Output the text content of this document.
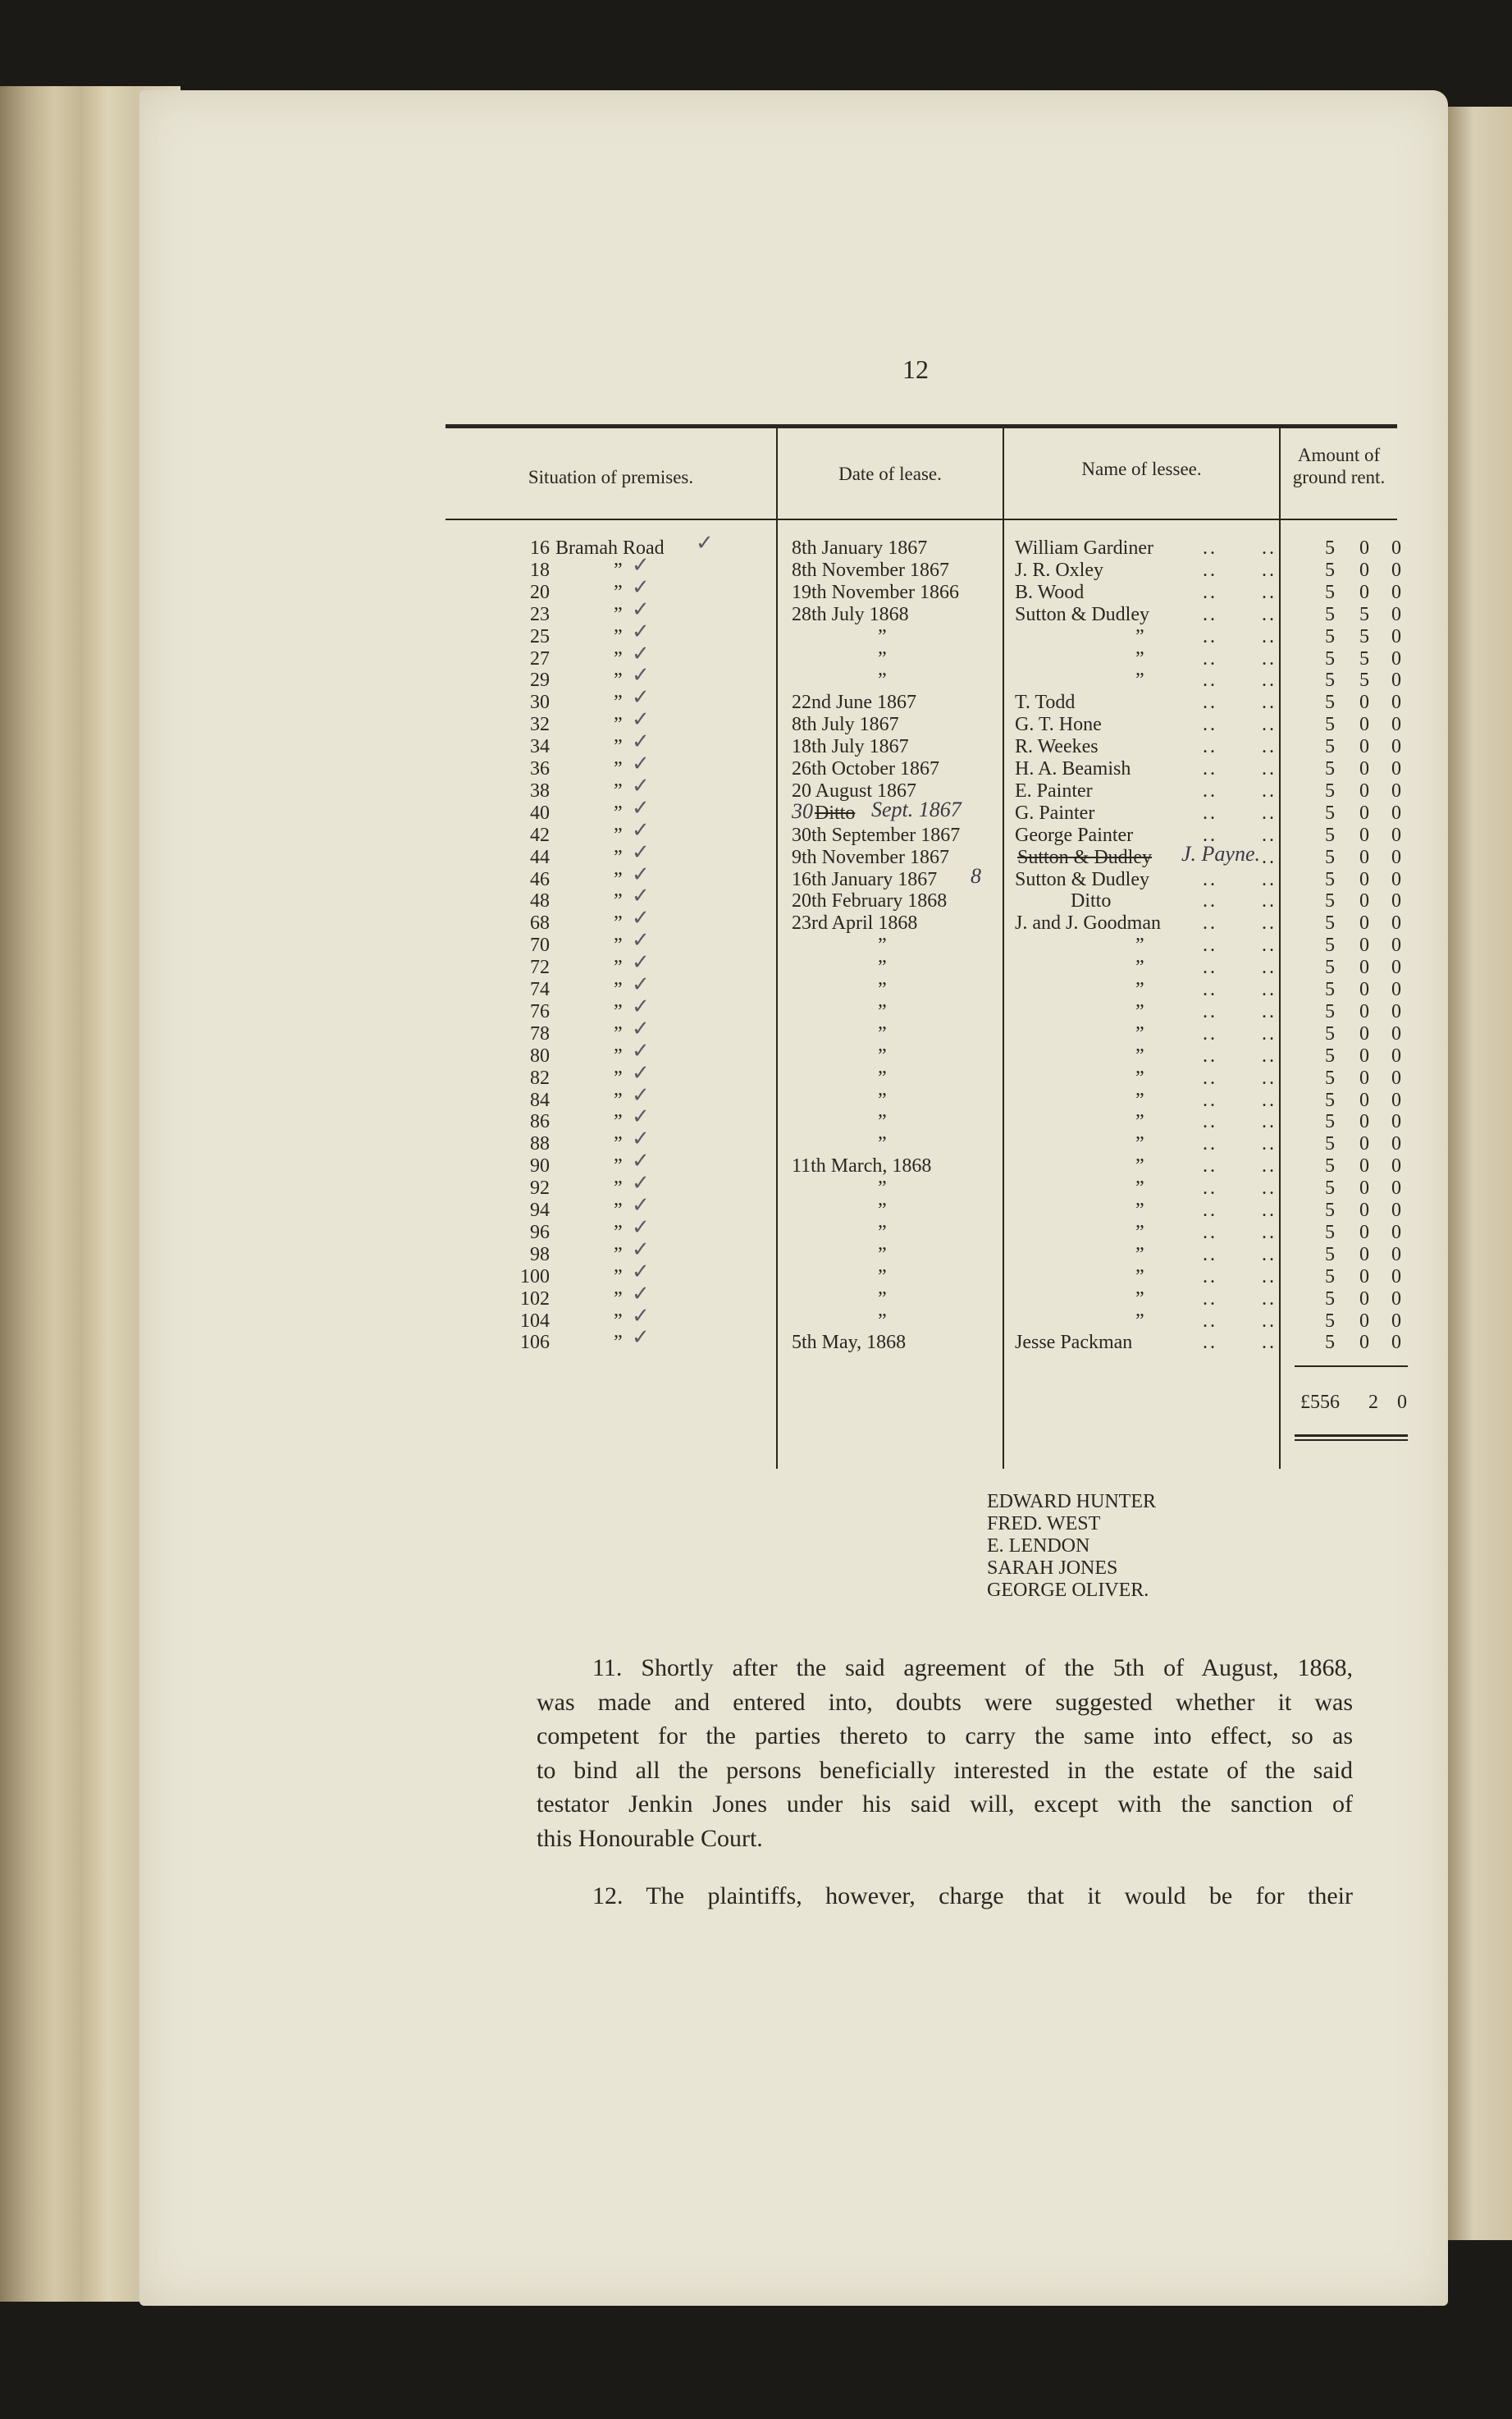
12
Situation of premises.	Date of lease.	Name of lessee.
Amount of
ground rent.
16 Bramah Road ✓	8th January 1867	William Gardiner	.. .. 5 0 0
18	” ✓	8th November 1867	J. R. Oxley	.. .. 5 0 0
20	” ✓	19th November 1866	B. Wood	.. .. 5 0 0
23	” ✓	28th July 1868	Sutton & Dudley	.. .. 5 5 0
25	” ✓	”	”	.. .. 5 5 0
27	” ✓	”	”	.. .. 5 5 0
29	” ✓	”	”	.. .. 5 5 0
30	” ✓	22nd June 1867	T. Todd	.. .. 5 0 0
32	” ✓	8th July 1867	G. T. Hone	.. .. 5 0 0
34	” ✓	18th July 1867	R. Weekes	.. .. 5 0 0
36	” ✓	26th October 1867	H. A. Beamish	.. .. 5 0 0
38	” ✓	20 August 1867	E. Painter	.. .. 5 0 0
40	” ✓	30 Ditto Sept. 1867	G. Painter	.. .. 5 0 0
42	” ✓	30th September 1867	George Painter	.. .. 5 0 0
44	” ✓	9th November 1867	Sutton & Dudley J. Payne. .. 5 0 0
46	” ✓	16th January 1867 8 Sutton & Dudley	.. .. 5 0 0
48	” ✓	20th February 1868	Ditto	.. .. 5 0 0
68	” ✓	23rd April 1868	J. and J. Goodman .. .. 5 0 0
70	” ✓	”	”	.. .. 5 0 0
72	” ✓	”	”	.. .. 5 0 0
74	” ✓	”	”	.. .. 5 0 0
76	” ✓	”	”	.. .. 5 0 0
78	” ✓	”	”	.. .. 5 0 0
80	” ✓	”	”	.. .. 5 0 0
82	” ✓	”	”	.. .. 5 0 0
84	” ✓	”	”	.. .. 5 0 0
86	” ✓	”	”	.. .. 5 0 0
88	” ✓	”	”	.. .. 5 0 0
90	” ✓	11th March, 1868	”	.. .. 5 0 0
92	” ✓	”	”	.. .. 5 0 0
94	” ✓	”	”	.. .. 5 0 0
96	” ✓	”	”	.. .. 5 0 0
98	” ✓	”	”	.. .. 5 0 0
100	” ✓	”	”	.. .. 5 0 0
102	” ✓	”	”	.. .. 5 0 0
104	” ✓	”	”	.. .. 5 0 0
106	” ✓	5th May, 1868	Jesse Packman	.. .. 5 0 0
£556 2 0
EDWARD HUNTER
FRED. WEST
E. LENDON
SARAH JONES
GEORGE OLIVER.
11. Shortly after the said agreement of the 5th of August, 1868,
was made and entered into, doubts were suggested whether it was
competent for the parties thereto to carry the same into effect, so as
to bind all the persons beneficially interested in the estate of the said
testator Jenkin Jones under his said will, except with the sanction of
this Honourable Court.
12. The plaintiffs, however, charge that it would be for their
